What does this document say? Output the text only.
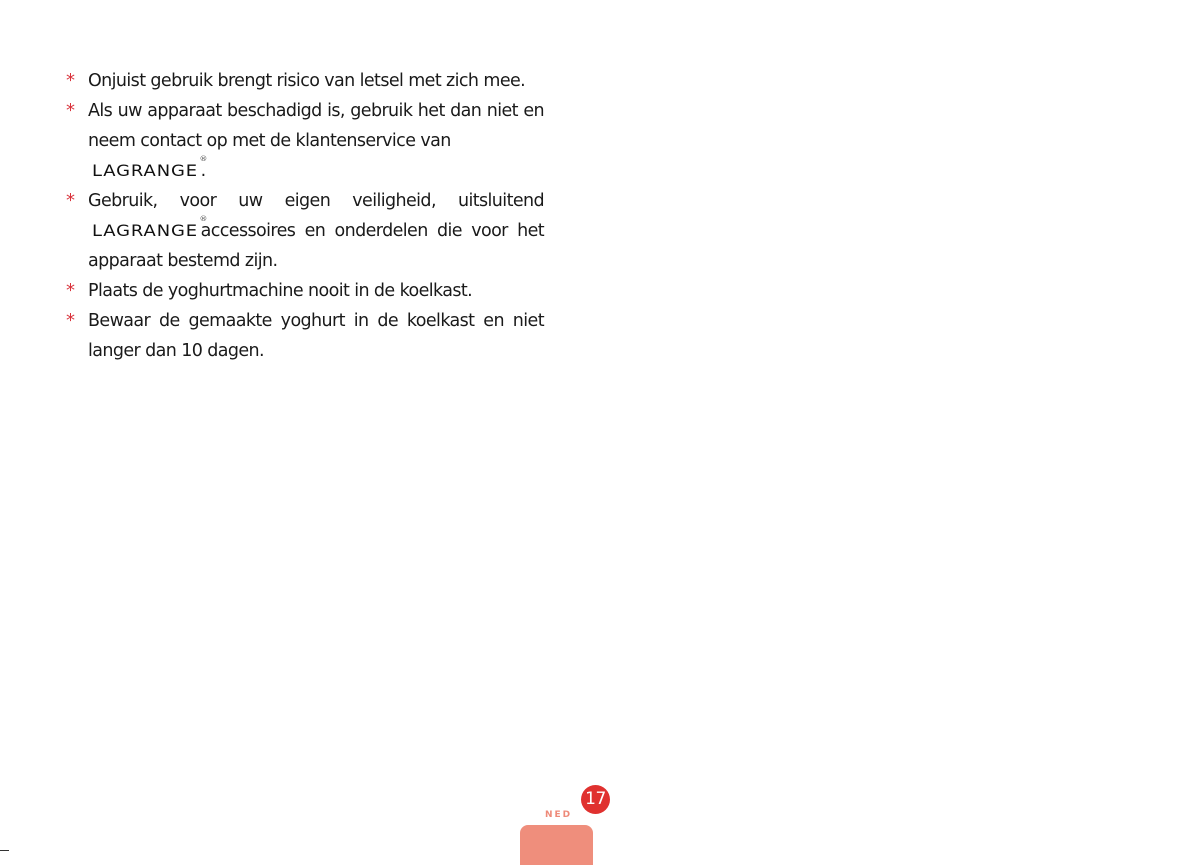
* Onjuist gebruik brengt risico van letsel met zich mee.
* Als uw apparaat beschadigd is, gebruik het dan niet en neem contact op met de klantenservice van
LAGRANGE
®
.
* Gebruik, voor uw eigen veiligheid, uitsluitend LAGRANGE
®
accessoires en onderdelen die voor het apparaat bestemd zijn.
* Plaats de yoghurtmachine nooit in de koelkast.
* Bewaar de gemaakte yoghurt in de koelkast en niet langer dan 10 dagen.
17
NED
